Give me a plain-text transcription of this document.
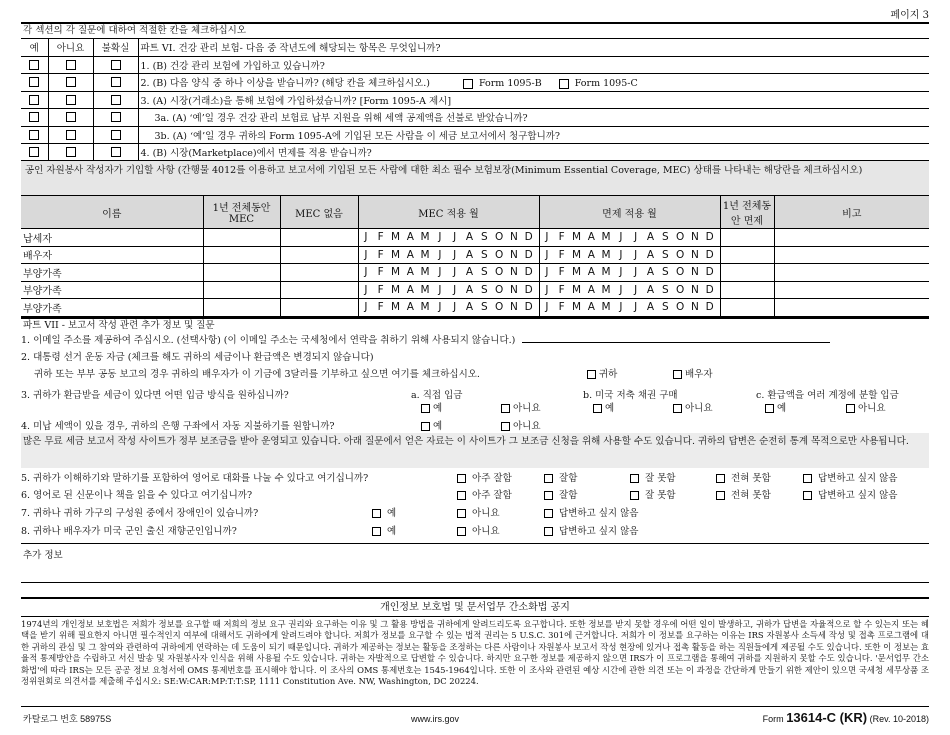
페이지 3
각 섹션의 각 질문에 대하여 적절한 칸을 체크하십시오
예	아니요	불확실	파트 VI. 건강 관리 보험- 다음 중 작년도에 해당되는 항목은 무엇입니까?
			1. (B) 건강 관리 보험에 가입하고 있습니까?
			2. (B) 다음 양식 중 하나 이상을 받습니까? (해당 칸을 체크하십시오.) Form 1095-B Form 1095-C
			3. (A) 시장(거래소)을 통해 보험에 가입하셨습니까? [Form 1095-A 제시]
			3a. (A) ‘예’일 경우 건강 관리 보험료 납부 지원을 위해 세액 공제액을 선불로 받았습니까?
			3b. (A) ‘예’일 경우 귀하의 Form 1095-A에 기입된 모든 사람을 이 세금 보고서에서 청구합니까?
			4. (B) 시장(Marketplace)에서 면제를 적용 받습니까?
공인 자원봉사 작성자가 기입할 사항 (간행물 4012를 이용하고 보고서에 기입된 모든 사람에 대한 최소 필수 보험보장(Minimum Essential Coverage, MEC) 상태를 나타내는 해당란을 체크하십시오)
이름	1년 전체동안 MEC	MEC 없음	MEC 적용 월	면제 적용 월	1년 전체동안 면제	비고
납세자			J F M A M J J A S O N D	J F M A M J J A S O N D		
배우자			J F M A M J J A S O N D	J F M A M J J A S O N D		
부양가족			J F M A M J J A S O N D	J F M A M J J A S O N D		
부양가족			J F M A M J J A S O N D	J F M A M J J A S O N D		
부양가족			J F M A M J J A S O N D	J F M A M J J A S O N D		
파트 VII - 보고서 작성 관련 추가 정보 및 질문
1. 이메일 주소를 제공하여 주십시오. (선택사항) (이 이메일 주소는 국세청에서 연락을 취하기 위해 사용되지 않습니다.)
2. 대통령 선거 운동 자금 (체크를 해도 귀하의 세금이나 환급액은 변경되지 않습니다)
귀하 또는 부부 공동 보고의 경우 귀하의 배우자가 이 기금에 3달러를 기부하고 싶으면 여기를 체크하십시오.	귀하	배우자
3. 귀하가 환급받을 세금이 있다면 어떤 입금 방식을 원하십니까?	a. 직접 입금	b. 미국 저축 채권 구매	c. 환급액을 여러 계정에 분할 입금
예	아니요	예	아니요	예	아니요
4. 미납 세액이 있을 경우, 귀하의 은행 구좌에서 자동 지불하기를 원합니까?	예	아니요
많은 무료 세금 보고서 작성 사이트가 정부 보조금을 받아 운영되고 있습니다. 아래 질문에서 얻은 자료는 이 사이트가 그 보조금 신청을 위해 사용할 수도 있습니다. 귀하의 답변은 순전히 통계 목적으로만 사용됩니다.
5. 귀하가 이해하기와 말하기를 포함하여 영어로 대화를 나눌 수 있다고 여기십니까?	아주 잘함	잘함	잘 못함	전혀 못함	답변하고 싶지 않음
6. 영어로 된 신문이나 책을 읽을 수 있다고 여기십니까?	아주 잘함	잘함	잘 못함	전혀 못함	답변하고 싶지 않음
7. 귀하나 귀하 가구의 구성원 중에서 장애인이 있습니까?	예	아니요	답변하고 싶지 않음
8. 귀하나 배우자가 미국 군인 출신 재향군인입니까?	예	아니요	답변하고 싶지 않음
추가 정보
개인정보 보호법 및 문서업무 간소화법 공지
1974년의 개인정보 보호법은 저희가 정보를 요구할 때 저희의 정보 요구 권리와 요구하는 이유 및 그 활용 방법을 귀하에게 알려드리도록 요구합니다. 또한 정보를 받지 못할 경우에 어떤 일이 발생하고, 귀하가 답변을 자율적으로 할 수 있는지 또는 혜택을 받기 위해 필요한지 아니면 필수적인지 여부에 대해서도 귀하에게 알려드려야 합니다. 저희가 정보를 요구할 수 있는 법적 권리는 5 U.S.C. 301에 근거합니다. 저희가 이 정보를 요구하는 이유는 IRS 자원봉사 소득세 작성 및 접촉 프로그램에 대한 귀하의 관심 및 그 참여와 관련하여 귀하에게 연락하는 데 도움이 되기 때문입니다. 귀하가 제공하는 정보는 활동을 조정하는 다른 사람이나 자원봉사 보고서 작성 현장에 있거나 접촉 활동을 하는 직원들에게 제공될 수도 있습니다. 또한 이 정보는 효율적 통제방안을 수립하고 서신 발송 및 자원봉사자 인식을 위해 사용될 수도 있습니다. 귀하는 자발적으로 답변할 수 있습니다. 하지만 요구한 정보를 제공하지 않으면 IRS가 이 프로그램을 통해여 귀하를 지원하지 못할 수도 있습니다. '문서업무 간소화법'에 따라 IRS는 모든 공공 정보 요청서에 OMS 통제번호를 표시해야 합니다. 이 조사의 OMS 통제번호는 1545-1964입니다. 또한 이 조사와 관련된 예상 시간에 관한 의견 또는 이 과정을 간단하게 만들기 위한 제안이 있으면 국세청 세무상품 조정위원회로 의견서를 제출해 주십시오: SE:W:CAR:MP:T:T:SP, 1111 Constitution Ave. NW, Washington, DC 20224.
카탈로그 번호 58975S	www.irs.gov	Form 13614-C (KR) (Rev. 10-2018)
